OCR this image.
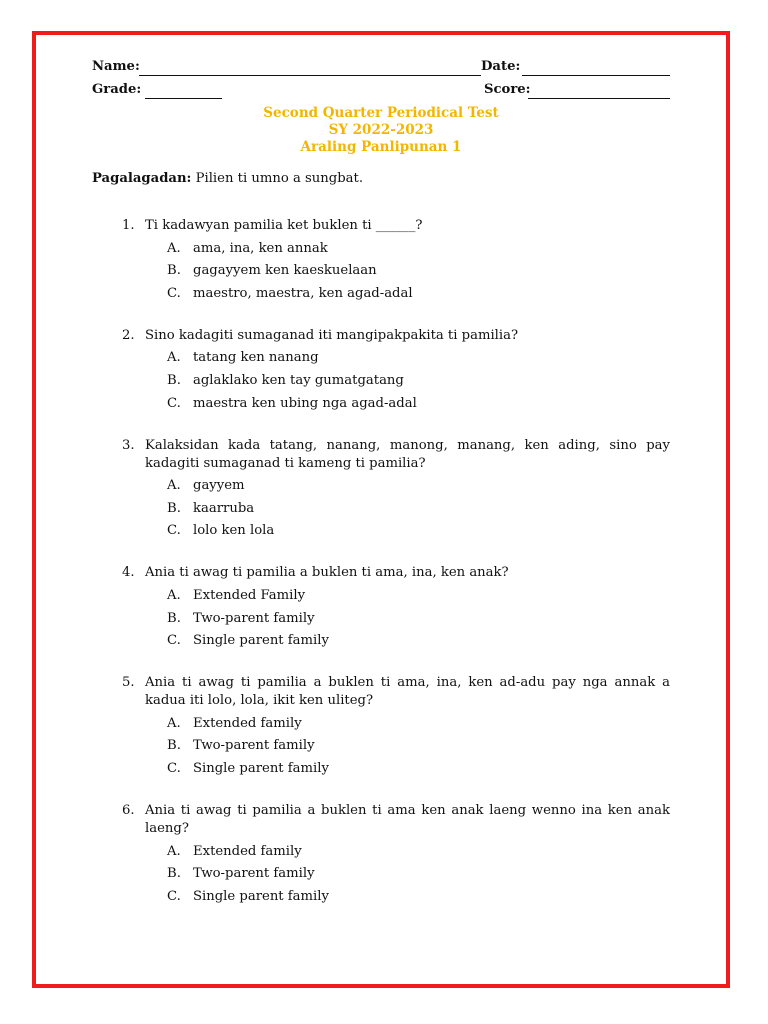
Name:	Date:
Grade:	Score:
Second Quarter Periodical Test
SY 2022-2023
Araling Panlipunan 1
Pagalagadan: Pilien ti umno a sungbat.
1. Ti kadawyan pamilia ket buklen ti ______?
A. ama, ina, ken annak
B. gagayyem ken kaeskuelaan
C. maestro, maestra, ken agad-adal
2. Sino kadagiti sumaganad iti mangipakpakita ti pamilia?
A. tatang ken nanang
B. aglaklako ken tay gumatgatang
C. maestra ken ubing nga agad-adal
3. Kalaksidan kada tatang, nanang, manong, manang, ken ading, sino pay kadagiti sumaganad ti kameng ti pamilia?
A. gayyem
B. kaarruba
C. lolo ken lola
4. Ania ti awag ti pamilia a buklen ti ama, ina, ken anak?
A. Extended Family
B. Two-parent family
C. Single parent family
5. Ania ti awag ti pamilia a buklen ti ama, ina, ken ad-adu pay nga annak a kadua iti lolo, lola, ikit ken uliteg?
A. Extended family
B. Two-parent family
C. Single parent family
6. Ania ti awag ti pamilia a buklen ti ama ken anak laeng wenno ina ken anak laeng?
A. Extended family
B. Two-parent family
C. Single parent family
